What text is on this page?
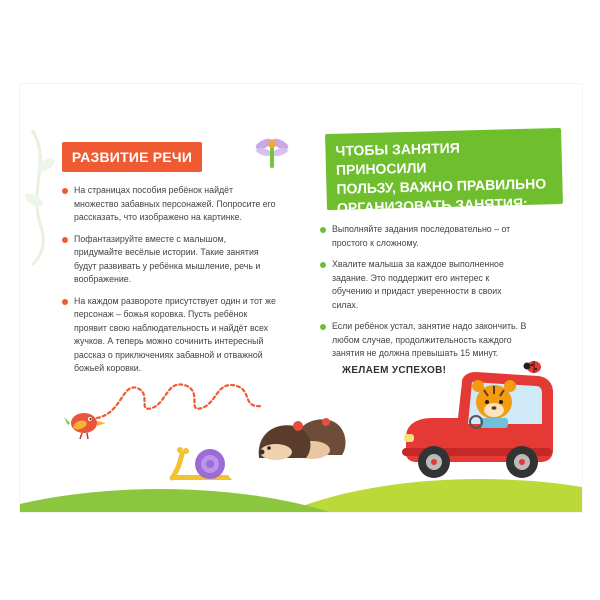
РАЗВИТИЕ РЕЧИ
На страницах пособия ребёнок найдёт множество забавных персонажей. Попросите его рассказать, что изображено на картинке.
Пофантазируйте вместе с малышом, придумайте весёлые истории. Такие занятия будут развивать у ребёнка мышление, речь и воображение.
На каждом развороте присутствует один и тот же персонаж – божья коровка. Пусть ребёнок проявит свою наблюдательность и найдёт всех жучков. А теперь можно сочинить интересный рассказ о приключениях забавной и отважной божьей коровки.
ЧТОБЫ ЗАНЯТИЯ ПРИНОСИЛИ
ПОЛЬЗУ, ВАЖНО ПРАВИЛЬНО
ОРГАНИЗОВАТЬ ЗАНЯТИЯ:
Выполняйте задания последовательно – от простого к сложному.
Хвалите малыша за каждое выполненное задание. Это поддержит его интерес к обучению и придаст уверенности в своих силах.
Если ребёнок устал, занятие надо закончить. В любом случае, продолжительность каждого занятия не должна превышать 15 минут.
ЖЕЛАЕМ УСПЕХОВ!
